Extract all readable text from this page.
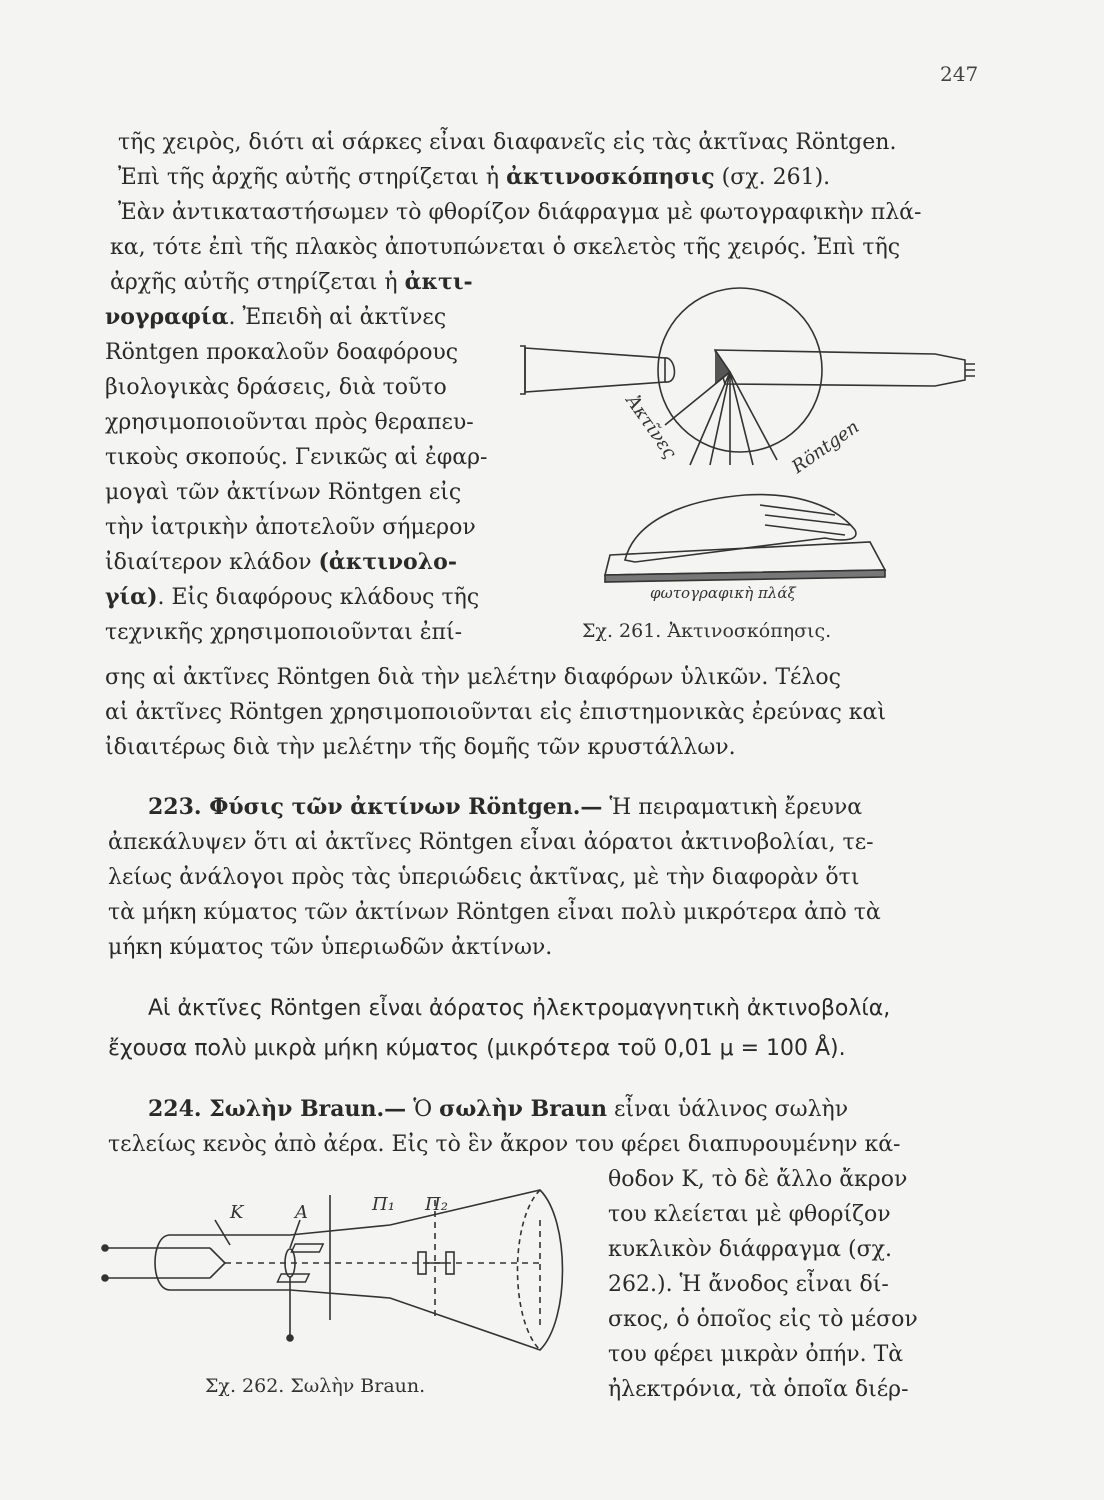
247

τῆς χειρὸς, διότι αἱ σάρκες εἶναι διαφανεῖς εἰς τὰς ἀκτῖνας Röntgen.

Ἐπὶ τῆς ἀρχῆς αὐτῆς στηρίζεται ἡ ἀκτινοσκόπησις (σχ. 261).

Ἐὰν ἀντικαταστήσωμεν τὸ φθορίζον διάφραγμα μὲ φωτογραφικὴν πλά-

κα, τότε ἐπὶ τῆς πλακὸς ἀποτυπώνεται ὁ σκελετὸς τῆς χειρός. Ἐπὶ τῆς

ἀρχῆς αὐτῆς στηρίζεται ἡ ἀκτι-

νογραφία. Ἐπειδὴ αἱ ἀκτῖνες

Röntgen προκαλοῦν δοαφόρους

βιολογικὰς δράσεις, διὰ τοῦτο

χρησιμοποιοῦνται πρὸς θεραπευ-

τικοὺς σκοπούς. Γενικῶς αἱ ἐφαρ-

μογαὶ τῶν ἀκτίνων Röntgen εἰς

τὴν ἰατρικὴν ἀποτελοῦν σήμερον

ἰδιαίτερον κλάδον (ἀκτινολο-

γία). Εἰς διαφόρους κλάδους τῆς

τεχνικῆς χρησιμοποιοῦνται ἐπί-

σης αἱ ἀκτῖνες Röntgen διὰ τὴν μελέτην διαφόρων ὑλικῶν. Τέλος

αἱ ἀκτῖνες Röntgen χρησιμοποιοῦνται εἰς ἐπιστημονικὰς ἐρεύνας καὶ

ἰδιαιτέρως διὰ τὴν μελέτην τῆς δομῆς τῶν κρυστάλλων.

Ἀκτῖνες	Röntgen
φωτογραφικὴ πλάξ
Σχ. 261. Ἀκτινοσκόπησις.

223. Φύσις τῶν ἀκτίνων Röntgen.— Ἡ πειραματικὴ ἔρευνα

ἀπεκάλυψεν ὅτι αἱ ἀκτῖνες Röntgen εἶναι ἀόρατοι ἀκτινοβολίαι, τε-

λείως ἀνάλογοι πρὸς τὰς ὑπεριώδεις ἀκτῖνας, μὲ τὴν διαφορὰν ὅτι

τὰ μήκη κύματος τῶν ἀκτίνων Röntgen εἶναι πολὺ μικρότερα ἀπὸ τὰ

μήκη κύματος τῶν ὑπεριωδῶν ἀκτίνων.

Αἱ ἀκτῖνες Röntgen εἶναι ἀόρατος ἠλεκτρομαγνητικὴ ἀκτινοβολία,
ἔχουσα πολὺ μικρὰ μήκη κύματος (μικρότερα τοῦ 0,01 μ = 100 Å).

224. Σωλὴν Braun.— Ὁ σωλὴν Braun εἶναι ὑάλινος σωλὴν

τελείως κενὸς ἀπὸ ἀέρα. Εἰς τὸ ἓν ἄκρον του φέρει διαπυρουμένην κά-

θοδον Κ, τὸ δὲ ἄλλο ἄκρον

του κλείεται μὲ φθορίζον

κυκλικὸν διάφραγμα (σχ.

262.). Ἡ ἄνοδος εἶναι δί-

σκος, ὁ ὁποῖος εἰς τὸ μέσον

του φέρει μικρὰν ὀπήν. Τὰ

ἠλεκτρόνια, τὰ ὁποῖα διέρ-

K	A	Π₁ Π₂
Σχ. 262. Σωλὴν Braun.
